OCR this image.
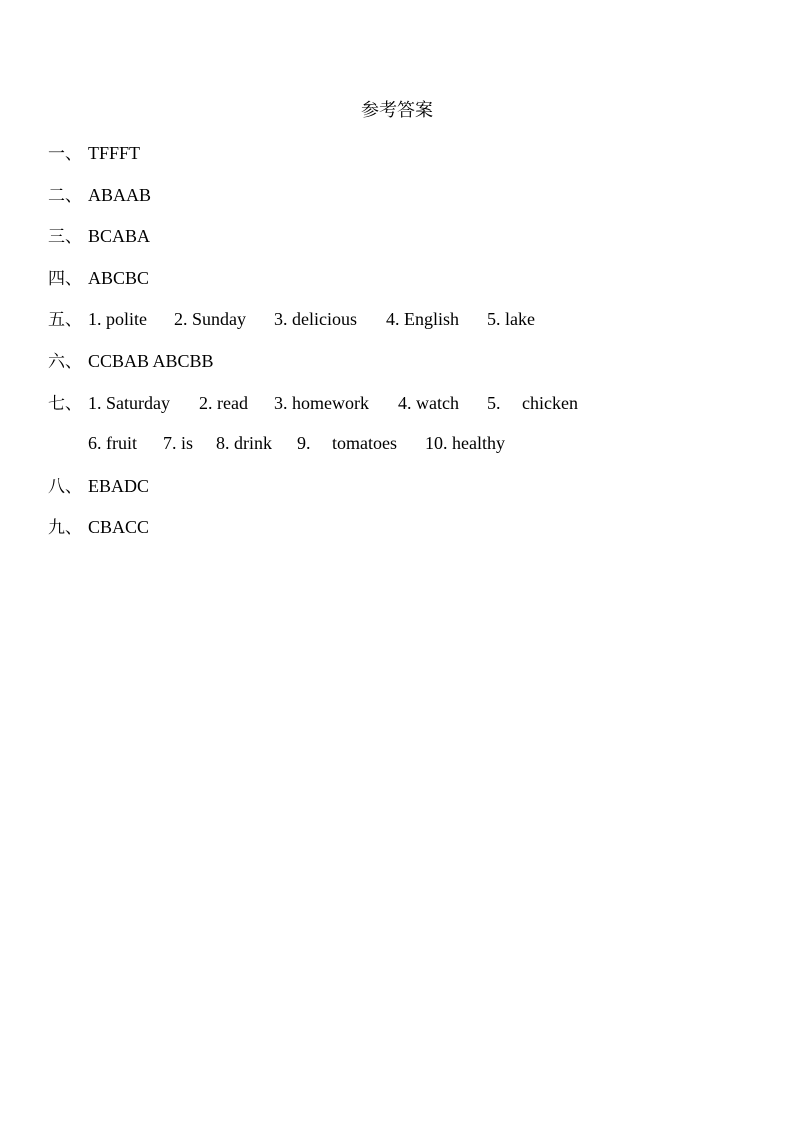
参考答案
一、 TFFFT
二、 ABAAB
三、 BCABA
四、 ABCBC
五、 1. polite 2. Sunday 3. delicious 4. English 5. lake
六、 CCBAB ABCBB
七、 1. Saturday 2. read 3. homework 4. watch 5. chicken
6. fruit 7. is 8. drink 9. tomatoes 10. healthy
八、 EBADC
九、 CBACC
